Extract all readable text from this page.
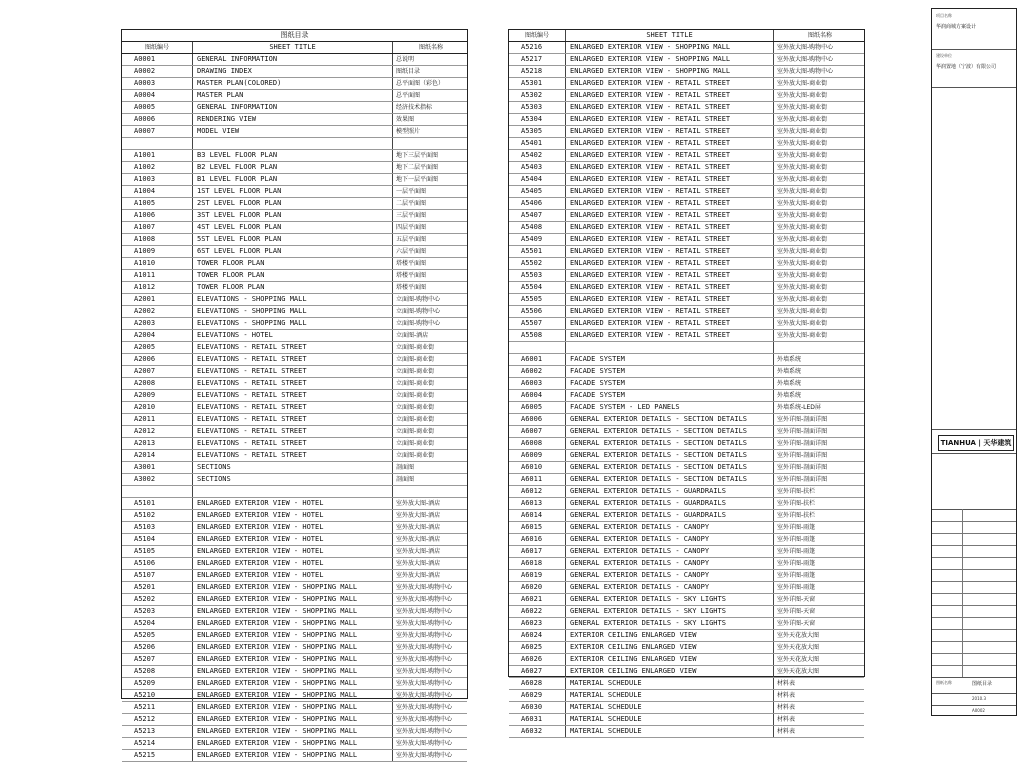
图纸目录
图纸编号	SHEET TITLE	图纸名称
A0001	GENERAL INFORMATION	总说明
A0002	DRAWING INDEX	图纸目录
A0003	MASTER PLAN(COLORED)	总平面图（彩色）
A0004	MASTER PLAN	总平面图
A0005	GENERAL INFORMATION	经济技术指标
A0006	RENDERING VIEW	效果图
A0007	MODEL VIEW	模型照片
A1001	B3 LEVEL FLOOR PLAN	地下三层平面图
A1002	B2 LEVEL FLOOR PLAN	地下二层平面图
A1003	B1 LEVEL FLOOR PLAN	地下一层平面图
A1004	1ST LEVEL FLOOR PLAN	一层平面图
A1005	2ST LEVEL FLOOR PLAN	二层平面图
A1006	3ST LEVEL FLOOR PLAN	三层平面图
A1007	4ST LEVEL FLOOR PLAN	四层平面图
A1008	5ST LEVEL FLOOR PLAN	五层平面图
A1009	6ST LEVEL FLOOR PLAN	六层平面图
A1010	TOWER FLOOR PLAN	塔楼平面图
A1011	TOWER FLOOR PLAN	塔楼平面图
A1012	TOWER FLOOR PLAN	塔楼平面图
A2001	ELEVATIONS - SHOPPING MALL	立面图-购物中心
A2002	ELEVATIONS - SHOPPING MALL	立面图-购物中心
A2003	ELEVATIONS - SHOPPING MALL	立面图-购物中心
A2004	ELEVATIONS - HOTEL	立面图-酒店
A2005	ELEVATIONS - RETAIL STREET	立面图-商业街
A2006	ELEVATIONS - RETAIL STREET	立面图-商业街
A2007	ELEVATIONS - RETAIL STREET	立面图-商业街
A2008	ELEVATIONS - RETAIL STREET	立面图-商业街
A2009	ELEVATIONS - RETAIL STREET	立面图-商业街
A2010	ELEVATIONS - RETAIL STREET	立面图-商业街
A2011	ELEVATIONS - RETAIL STREET	立面图-商业街
A2012	ELEVATIONS - RETAIL STREET	立面图-商业街
A2013	ELEVATIONS - RETAIL STREET	立面图-商业街
A2014	ELEVATIONS - RETAIL STREET	立面图-商业街
A3001	SECTIONS	剖面图
A3002	SECTIONS	剖面图
A5101	ENLARGED EXTERIOR VIEW - HOTEL	室外放大图-酒店
A5102	ENLARGED EXTERIOR VIEW - HOTEL	室外放大图-酒店
A5103	ENLARGED EXTERIOR VIEW - HOTEL	室外放大图-酒店
A5104	ENLARGED EXTERIOR VIEW - HOTEL	室外放大图-酒店
A5105	ENLARGED EXTERIOR VIEW - HOTEL	室外放大图-酒店
A5106	ENLARGED EXTERIOR VIEW - HOTEL	室外放大图-酒店
A5107	ENLARGED EXTERIOR VIEW - HOTEL	室外放大图-酒店
A5201	ENLARGED EXTERIOR VIEW - SHOPPING MALL	室外放大图-购物中心
A5202	ENLARGED EXTERIOR VIEW - SHOPPING MALL	室外放大图-购物中心
A5203	ENLARGED EXTERIOR VIEW - SHOPPING MALL	室外放大图-购物中心
A5204	ENLARGED EXTERIOR VIEW - SHOPPING MALL	室外放大图-购物中心
A5205	ENLARGED EXTERIOR VIEW - SHOPPING MALL	室外放大图-购物中心
A5206	ENLARGED EXTERIOR VIEW - SHOPPING MALL	室外放大图-购物中心
A5207	ENLARGED EXTERIOR VIEW - SHOPPING MALL	室外放大图-购物中心
A5208	ENLARGED EXTERIOR VIEW - SHOPPING MALL	室外放大图-购物中心
A5209	ENLARGED EXTERIOR VIEW - SHOPPING MALL	室外放大图-购物中心
A5210	ENLARGED EXTERIOR VIEW - SHOPPING MALL	室外放大图-购物中心
A5211	ENLARGED EXTERIOR VIEW - SHOPPING MALL	室外放大图-购物中心
A5212	ENLARGED EXTERIOR VIEW - SHOPPING MALL	室外放大图-购物中心
A5213	ENLARGED EXTERIOR VIEW - SHOPPING MALL	室外放大图-购物中心
A5214	ENLARGED EXTERIOR VIEW - SHOPPING MALL	室外放大图-购物中心
A5215	ENLARGED EXTERIOR VIEW - SHOPPING MALL	室外放大图-购物中心
图纸编号	SHEET TITLE	图纸名称
A5216	ENLARGED EXTERIOR VIEW - SHOPPING MALL	室外放大图-购物中心
A5217	ENLARGED EXTERIOR VIEW - SHOPPING MALL	室外放大图-购物中心
A5218	ENLARGED EXTERIOR VIEW - SHOPPING MALL	室外放大图-购物中心
A5301	ENLARGED EXTERIOR VIEW - RETAIL STREET	室外放大图-商业街
A5302	ENLARGED EXTERIOR VIEW - RETAIL STREET	室外放大图-商业街
A5303	ENLARGED EXTERIOR VIEW - RETAIL STREET	室外放大图-商业街
A5304	ENLARGED EXTERIOR VIEW - RETAIL STREET	室外放大图-商业街
A5305	ENLARGED EXTERIOR VIEW - RETAIL STREET	室外放大图-商业街
A5401	ENLARGED EXTERIOR VIEW - RETAIL STREET	室外放大图-商业街
A5402	ENLARGED EXTERIOR VIEW - RETAIL STREET	室外放大图-商业街
A5403	ENLARGED EXTERIOR VIEW - RETAIL STREET	室外放大图-商业街
A5404	ENLARGED EXTERIOR VIEW - RETAIL STREET	室外放大图-商业街
A5405	ENLARGED EXTERIOR VIEW - RETAIL STREET	室外放大图-商业街
A5406	ENLARGED EXTERIOR VIEW - RETAIL STREET	室外放大图-商业街
A5407	ENLARGED EXTERIOR VIEW - RETAIL STREET	室外放大图-商业街
A5408	ENLARGED EXTERIOR VIEW - RETAIL STREET	室外放大图-商业街
A5409	ENLARGED EXTERIOR VIEW - RETAIL STREET	室外放大图-商业街
A5501	ENLARGED EXTERIOR VIEW - RETAIL STREET	室外放大图-商业街
A5502	ENLARGED EXTERIOR VIEW - RETAIL STREET	室外放大图-商业街
A5503	ENLARGED EXTERIOR VIEW - RETAIL STREET	室外放大图-商业街
A5504	ENLARGED EXTERIOR VIEW - RETAIL STREET	室外放大图-商业街
A5505	ENLARGED EXTERIOR VIEW - RETAIL STREET	室外放大图-商业街
A5506	ENLARGED EXTERIOR VIEW - RETAIL STREET	室外放大图-商业街
A5507	ENLARGED EXTERIOR VIEW - RETAIL STREET	室外放大图-商业街
A5508	ENLARGED EXTERIOR VIEW - RETAIL STREET	室外放大图-商业街
A6001	FACADE SYSTEM	外墙系统
A6002	FACADE SYSTEM	外墙系统
A6003	FACADE SYSTEM	外墙系统
A6004	FACADE SYSTEM	外墙系统
A6005	FACADE SYSTEM - LED PANELS	外墙系统-LED屏
A6006	GENERAL EXTERIOR DETAILS - SECTION DETAILS	室外详图-剖面详图
A6007	GENERAL EXTERIOR DETAILS - SECTION DETAILS	室外详图-剖面详图
A6008	GENERAL EXTERIOR DETAILS - SECTION DETAILS	室外详图-剖面详图
A6009	GENERAL EXTERIOR DETAILS - SECTION DETAILS	室外详图-剖面详图
A6010	GENERAL EXTERIOR DETAILS - SECTION DETAILS	室外详图-剖面详图
A6011	GENERAL EXTERIOR DETAILS - SECTION DETAILS	室外详图-剖面详图
A6012	GENERAL EXTERIOR DETAILS - GUARDRAILS	室外详图-扶栏
A6013	GENERAL EXTERIOR DETAILS - GUARDRAILS	室外详图-扶栏
A6014	GENERAL EXTERIOR DETAILS - GUARDRAILS	室外详图-扶栏
A6015	GENERAL EXTERIOR DETAILS - CANOPY	室外详图-雨篷
A6016	GENERAL EXTERIOR DETAILS - CANOPY	室外详图-雨篷
A6017	GENERAL EXTERIOR DETAILS - CANOPY	室外详图-雨篷
A6018	GENERAL EXTERIOR DETAILS - CANOPY	室外详图-雨篷
A6019	GENERAL EXTERIOR DETAILS - CANOPY	室外详图-雨篷
A6020	GENERAL EXTERIOR DETAILS - CANOPY	室外详图-雨篷
A6021	GENERAL EXTERIOR DETAILS - SKY LIGHTS	室外详图-天窗
A6022	GENERAL EXTERIOR DETAILS - SKY LIGHTS	室外详图-天窗
A6023	GENERAL EXTERIOR DETAILS - SKY LIGHTS	室外详图-天窗
A6024	EXTERIOR CEILING ENLARGED VIEW	室外天花放大图
A6025	EXTERIOR CEILING ENLARGED VIEW	室外天花放大图
A6026	EXTERIOR CEILING ENLARGED VIEW	室外天花放大图
A6027	EXTERIOR CEILING ENLARGED VIEW	室外天花放大图
A6028	MATERIAL SCHEDULE	材料表
A6029	MATERIAL SCHEDULE	材料表
A6030	MATERIAL SCHEDULE	材料表
A6031	MATERIAL SCHEDULE	材料表
A6032	MATERIAL SCHEDULE	材料表
项目名称
华润商城方案设计
建设单位
华润置地（宁波）有限公司
TIANHUA | 天华建筑
图纸名称	图纸目录
2010.3
A0002
